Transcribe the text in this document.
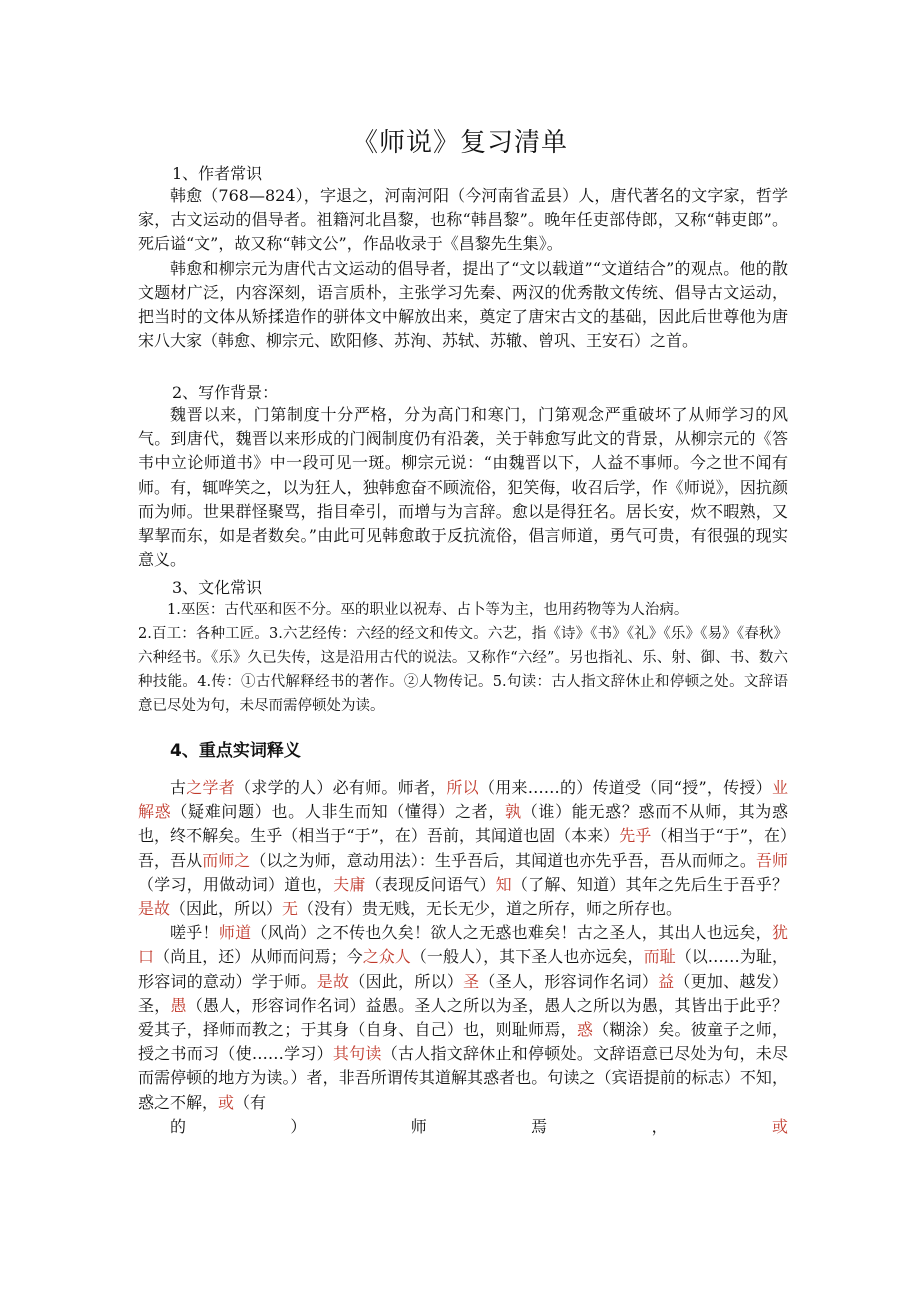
《师说》复习清单
1、作者常识

韩愈（768—824），字退之，河南河阳（今河南省孟县）人，唐代著名的文字家，哲学家，古文运动的倡导者。祖籍河北昌黎，也称“韩昌黎”。晚年任吏部侍郎，又称“韩吏郎”。死后谥“文”，故又称“韩文公”，作品收录于《昌黎先生集》。

韩愈和柳宗元为唐代古文运动的倡导者，提出了“文以载道”“文道结合”的观点。他的散文题材广泛，内容深刻，语言质朴，主张学习先秦、两汉的优秀散文传统、倡导古文运动，把当时的文体从矫揉造作的骈体文中解放出来，奠定了唐宋古文的基础，因此后世尊他为唐宋八大家（韩愈、柳宗元、欧阳修、苏洵、苏轼、苏辙、曾巩、王安石）之首。

2、写作背景：

魏晋以来，门第制度十分严格，分为高门和寒门，门第观念严重破坏了从师学习的风气。到唐代，魏晋以来形成的门阀制度仍有沿袭，关于韩愈写此文的背景，从柳宗元的《答韦中立论师道书》中一段可见一斑。柳宗元说：“由魏晋以下，人益不事师。今之世不闻有师。有，辄哗笑之，以为狂人，独韩愈奋不顾流俗，犯笑侮，收召后学，作《师说》，因抗颜而为师。世果群怪聚骂，指目牵引，而增与为言辞。愈以是得狂名。居长安，炊不暇熟，又挈挈而东，如是者数矣。”由此可见韩愈敢于反抗流俗，倡言师道，勇气可贵，有很强的现实意义。

3、文化常识

1.巫医：古代巫和医不分。巫的职业以祝寿、占卜等为主，也用药物等为人治病。

2.百工：各种工匠。3.六艺经传：六经的经文和传文。六艺，指《诗》《书》《礼》《乐》《易》《春秋》六种经书。《乐》久已失传，这是沿用古代的说法。又称作“六经”。另也指礼、乐、射、御、书、数六种技能。4.传：①古代解释经书的著作。②人物传记。5.句读：古人指文辞休止和停顿之处。文辞语意已尽处为句，未尽而需停顿处为读。

4、重点实词释义

古之学者（求学的人）必有师。师者，所以（用来……的）传道受（同“授”，传授）业解惑（疑难问题）也。人非生而知（懂得）之者，孰（谁）能无惑？惑而不从师，其为惑也，终不解矣。生乎（相当于“于”，在）吾前，其闻道也固（本来）先乎（相当于“于”，在）吾，吾从而师之（以之为师，意动用法）：生乎吾后，其闻道也亦先乎吾，吾从而师之。吾师（学习，用做动词）道也，夫庸（表现反问语气）知（了解、知道）其年之先后生于吾乎？是故（因此，所以）无（没有）贵无贱，无长无少，道之所存，师之所存也。

嗟乎！师道（风尚）之不传也久矣！欲人之无惑也难矣！古之圣人，其出人也远矣，犹口（尚且，还）从师而问焉；今之众人（一般人），其下圣人也亦远矣，而耻（以……为耻，形容词的意动）学于师。是故（因此，所以）圣（圣人，形容词作名词）益（更加、越发）圣，愚（愚人，形容词作名词）益愚。圣人之所以为圣，愚人之所以为愚，其皆出于此乎？爱其子，择师而教之；于其身（自身、自己）也，则耻师焉，惑（糊涂）矣。彼童子之师，授之书而习（使……学习）其句读（古人指文辞休止和停顿处。文辞语意已尽处为句，未尽而需停顿的地方为读。）者，非吾所谓传其道解其惑者也。句读之（宾语提前的标志）不知，惑之不解，或（有

的	）	师	焉	，	或
